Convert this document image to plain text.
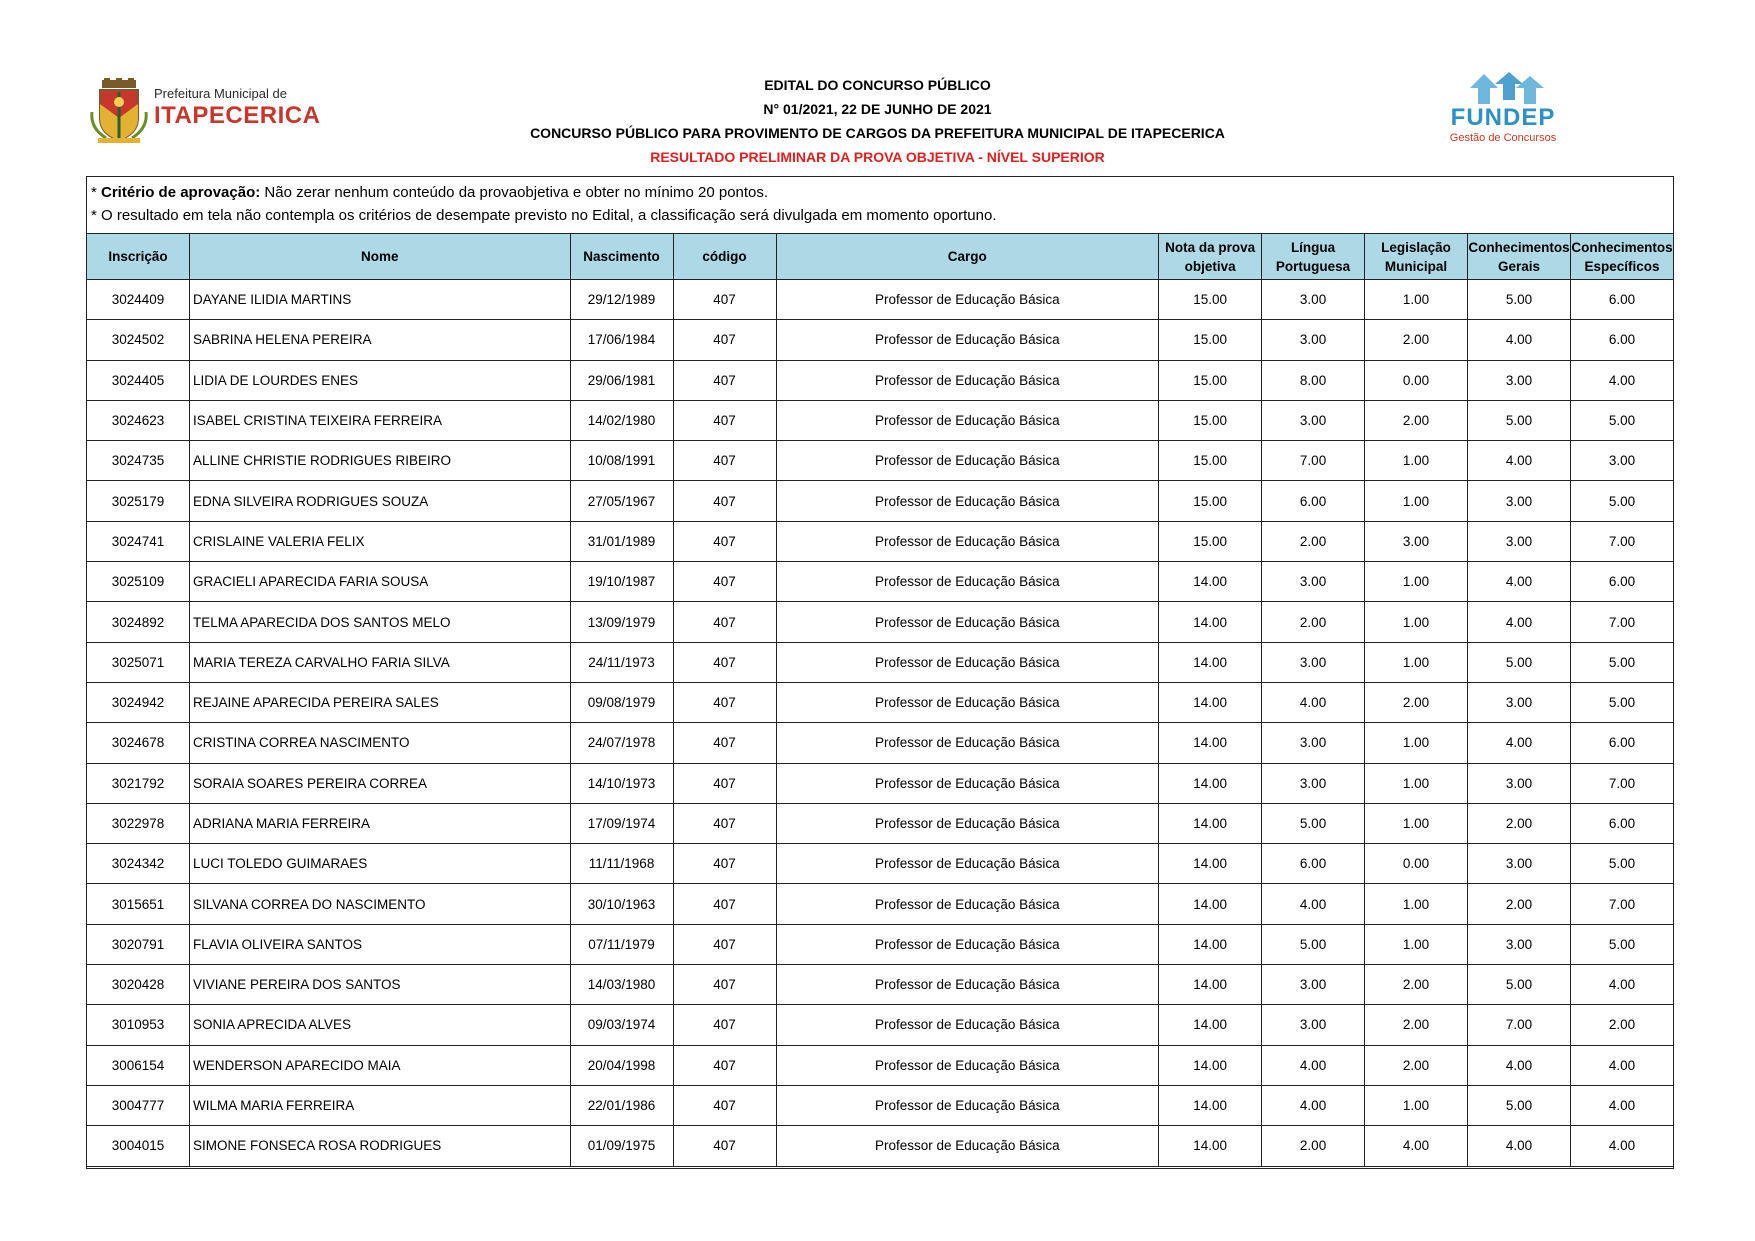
Prefeitura Municipal de
ITAPECERICA
EDITAL DO CONCURSO PÚBLICO
N° 01/2021, 22 DE JUNHO DE 2021
CONCURSO PÚBLICO PARA PROVIMENTO DE CARGOS DA PREFEITURA MUNICIPAL DE ITAPECERICA
RESULTADO PRELIMINAR DA PROVA OBJETIVA - NÍVEL SUPERIOR
FUNDEP
Gestão de Concursos
* Critério de aprovação: Não zerar nenhum conteúdo da provaobjetiva e obter no mínimo 20 pontos.
* O resultado em tela não contempla os critérios de desempate previsto no Edital, a classificação será divulgada em momento oportuno.
Inscrição	Nome	Nascimento	código	Cargo	Nota da prova objetiva	Língua Portuguesa	Legislação Municipal	Conhecimentos Gerais	Conhecimentos Específicos
3024409	DAYANE ILIDIA MARTINS	29/12/1989	407	Professor de Educação Básica	15.00	3.00	1.00	5.00	6.00
3024502	SABRINA HELENA PEREIRA	17/06/1984	407	Professor de Educação Básica	15.00	3.00	2.00	4.00	6.00
3024405	LIDIA DE LOURDES ENES	29/06/1981	407	Professor de Educação Básica	15.00	8.00	0.00	3.00	4.00
3024623	ISABEL CRISTINA TEIXEIRA FERREIRA	14/02/1980	407	Professor de Educação Básica	15.00	3.00	2.00	5.00	5.00
3024735	ALLINE CHRISTIE RODRIGUES RIBEIRO	10/08/1991	407	Professor de Educação Básica	15.00	7.00	1.00	4.00	3.00
3025179	EDNA SILVEIRA RODRIGUES SOUZA	27/05/1967	407	Professor de Educação Básica	15.00	6.00	1.00	3.00	5.00
3024741	CRISLAINE VALERIA FELIX	31/01/1989	407	Professor de Educação Básica	15.00	2.00	3.00	3.00	7.00
3025109	GRACIELI APARECIDA FARIA SOUSA	19/10/1987	407	Professor de Educação Básica	14.00	3.00	1.00	4.00	6.00
3024892	TELMA APARECIDA DOS SANTOS MELO	13/09/1979	407	Professor de Educação Básica	14.00	2.00	1.00	4.00	7.00
3025071	MARIA TEREZA CARVALHO FARIA SILVA	24/11/1973	407	Professor de Educação Básica	14.00	3.00	1.00	5.00	5.00
3024942	REJAINE APARECIDA PEREIRA SALES	09/08/1979	407	Professor de Educação Básica	14.00	4.00	2.00	3.00	5.00
3024678	CRISTINA CORREA NASCIMENTO	24/07/1978	407	Professor de Educação Básica	14.00	3.00	1.00	4.00	6.00
3021792	SORAIA SOARES PEREIRA CORREA	14/10/1973	407	Professor de Educação Básica	14.00	3.00	1.00	3.00	7.00
3022978	ADRIANA MARIA FERREIRA	17/09/1974	407	Professor de Educação Básica	14.00	5.00	1.00	2.00	6.00
3024342	LUCI TOLEDO GUIMARAES	11/11/1968	407	Professor de Educação Básica	14.00	6.00	0.00	3.00	5.00
3015651	SILVANA CORREA DO NASCIMENTO	30/10/1963	407	Professor de Educação Básica	14.00	4.00	1.00	2.00	7.00
3020791	FLAVIA OLIVEIRA SANTOS	07/11/1979	407	Professor de Educação Básica	14.00	5.00	1.00	3.00	5.00
3020428	VIVIANE PEREIRA DOS SANTOS	14/03/1980	407	Professor de Educação Básica	14.00	3.00	2.00	5.00	4.00
3010953	SONIA APRECIDA ALVES	09/03/1974	407	Professor de Educação Básica	14.00	3.00	2.00	7.00	2.00
3006154	WENDERSON APARECIDO MAIA	20/04/1998	407	Professor de Educação Básica	14.00	4.00	2.00	4.00	4.00
3004777	WILMA MARIA FERREIRA	22/01/1986	407	Professor de Educação Básica	14.00	4.00	1.00	5.00	4.00
3004015	SIMONE FONSECA ROSA RODRIGUES	01/09/1975	407	Professor de Educação Básica	14.00	2.00	4.00	4.00	4.00
